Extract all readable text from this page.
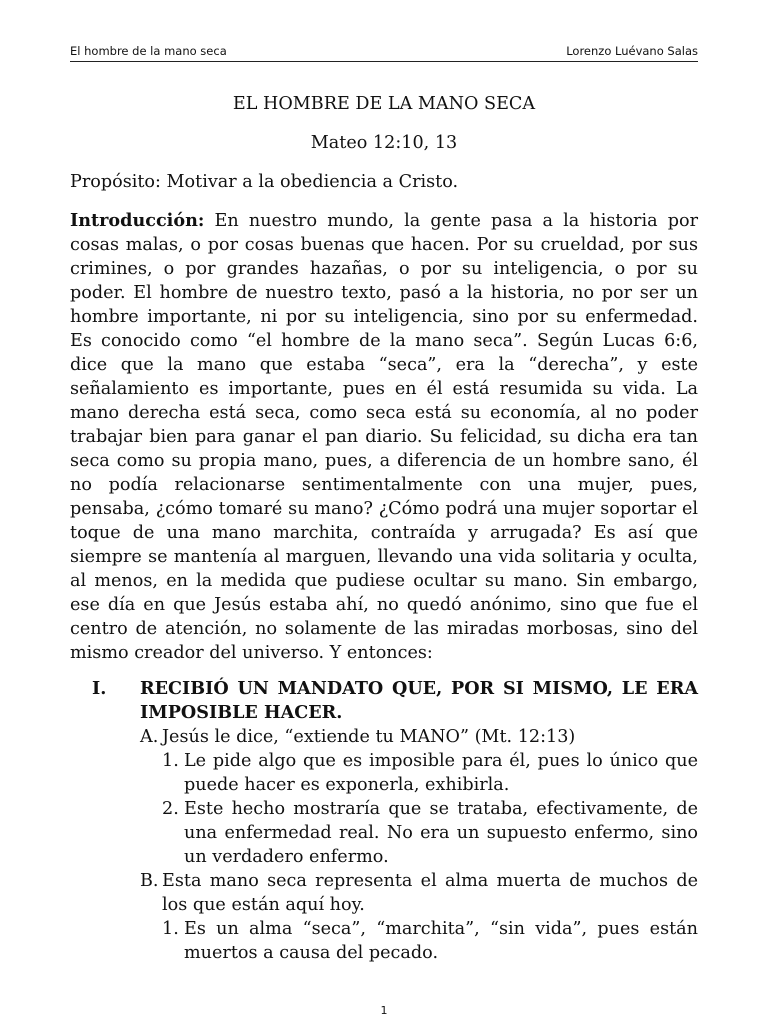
El hombre de la mano seca	Lorenzo Luévano Salas

EL HOMBRE DE LA MANO SECA

Mateo 12:10, 13

Propósito: Motivar a la obediencia a Cristo.

Introducción: En nuestro mundo, la gente pasa a la historia por cosas malas, o por cosas buenas que hacen. Por su crueldad, por sus crimines, o por grandes hazañas, o por su inteligencia, o por su poder. El hombre de nuestro texto, pasó a la historia, no por ser un hombre importante, ni por su inteligencia, sino por su enfermedad. Es conocido como “el hombre de la mano seca”. Según Lucas 6:6, dice que la mano que estaba “seca”, era la “derecha”, y este señalamiento es importante, pues en él está resumida su vida. La mano derecha está seca, como seca está su economía, al no poder trabajar bien para ganar el pan diario. Su felicidad, su dicha era tan seca como su propia mano, pues, a diferencia de un hombre sano, él no podía relacionarse sentimentalmente con una mujer, pues, pensaba, ¿cómo tomaré su mano? ¿Cómo podrá una mujer soportar el toque de una mano marchita, contraída y arrugada? Es así que siempre se mantenía al marguen, llevando una vida solitaria y oculta, al menos, en la medida que pudiese ocultar su mano. Sin embargo, ese día en que Jesús estaba ahí, no quedó anónimo, sino que fue el centro de atención, no solamente de las miradas morbosas, sino del mismo creador del universo. Y entonces:

I.	RECIBIÓ UN MANDATO QUE, POR SI MISMO, LE ERA IMPOSIBLE HACER.
A. Jesús le dice, “extiende tu MANO” (Mt. 12:13)
1. Le pide algo que es imposible para él, pues lo único que puede hacer es exponerla, exhibirla.
2. Este hecho mostraría que se trataba, efectivamente, de una enfermedad real. No era un supuesto enfermo, sino un verdadero enfermo.
B. Esta mano seca representa el alma muerta de muchos de los que están aquí hoy.
1. Es un alma “seca”, “marchita”, “sin vida”, pues están muertos a causa del pecado.
1
